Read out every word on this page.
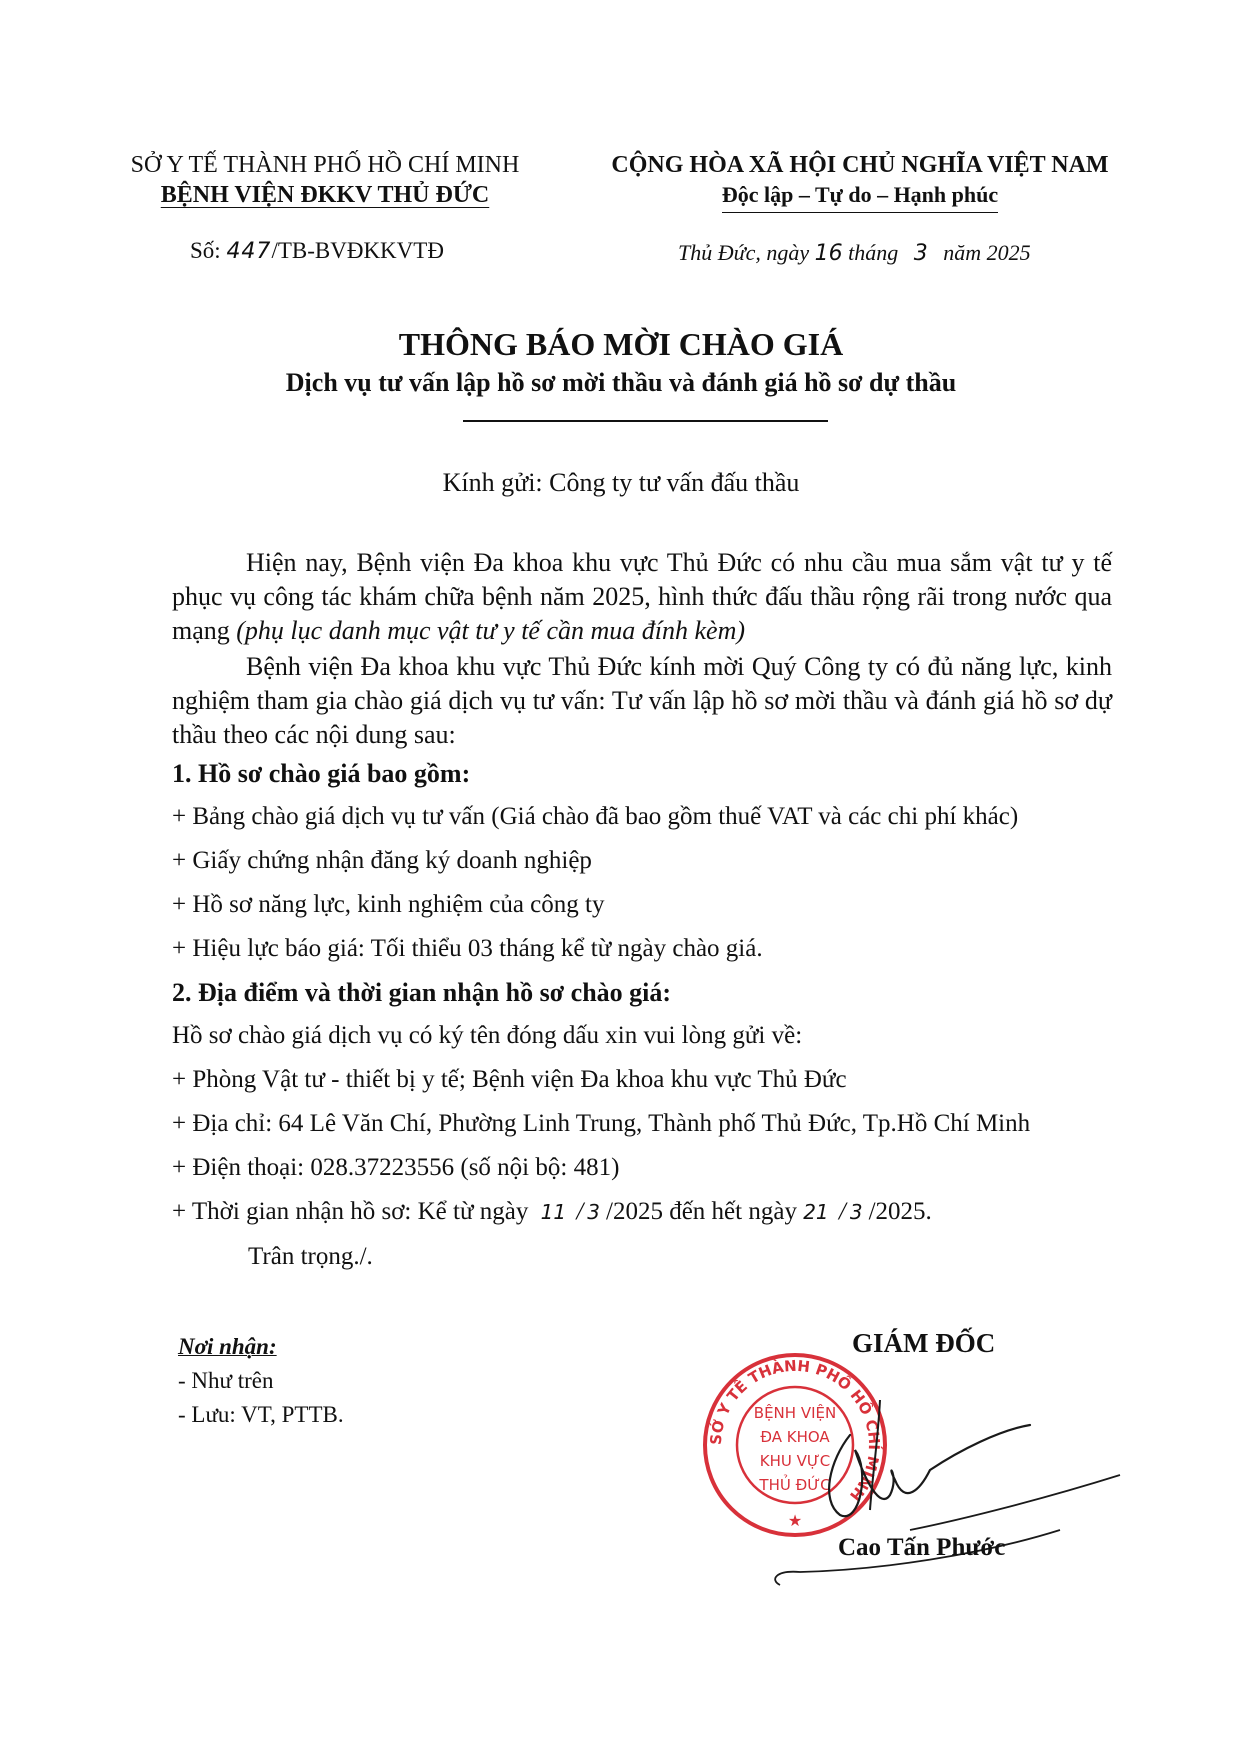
SỞ Y TẾ THÀNH PHỐ HỒ CHÍ MINH
BỆNH VIỆN ĐKKV THỦ ĐỨC
CỘNG HÒA XÃ HỘI CHỦ NGHĨA VIỆT NAM
Độc lập – Tự do – Hạnh phúc
Số: 447/TB-BVĐKKVTĐ	Thủ Đức, ngày 16 tháng 3 năm 2025
THÔNG BÁO MỜI CHÀO GIÁ
Dịch vụ tư vấn lập hồ sơ mời thầu và đánh giá hồ sơ dự thầu
Kính gửi: Công ty tư vấn đấu thầu
Hiện nay, Bệnh viện Đa khoa khu vực Thủ Đức có nhu cầu mua sắm vật tư y tế phục vụ công tác khám chữa bệnh năm 2025, hình thức đấu thầu rộng rãi trong nước qua mạng (phụ lục danh mục vật tư y tế cần mua đính kèm)
Bệnh viện Đa khoa khu vực Thủ Đức kính mời Quý Công ty có đủ năng lực, kinh nghiệm tham gia chào giá dịch vụ tư vấn: Tư vấn lập hồ sơ mời thầu và đánh giá hồ sơ dự thầu theo các nội dung sau:
1. Hồ sơ chào giá bao gồm:
+ Bảng chào giá dịch vụ tư vấn (Giá chào đã bao gồm thuế VAT và các chi phí khác)
+ Giấy chứng nhận đăng ký doanh nghiệp
+ Hồ sơ năng lực, kinh nghiệm của công ty
+ Hiệu lực báo giá: Tối thiểu 03 tháng kể từ ngày chào giá.
2. Địa điểm và thời gian nhận hồ sơ chào giá:
Hồ sơ chào giá dịch vụ có ký tên đóng dấu xin vui lòng gửi về:
+ Phòng Vật tư - thiết bị y tế; Bệnh viện Đa khoa khu vực Thủ Đức
+ Địa chỉ: 64 Lê Văn Chí, Phường Linh Trung, Thành phố Thủ Đức, Tp.Hồ Chí Minh
+ Điện thoại: 028.37223556 (số nội bộ: 481)
+ Thời gian nhận hồ sơ: Kể từ ngày 11 / 3 /2025 đến hết ngày 21 / 3 /2025.
Trân trọng./.
Nơi nhận:
- Như trên
- Lưu: VT, PTTB.
GIÁM ĐỐC
SỞ Y TẾ THÀNH PHỐ HỒ CHÍ MINH
BỆNH VIỆN
ĐA KHOA
KHU VỰC
THỦ ĐỨC
★
Cao Tấn Phước
